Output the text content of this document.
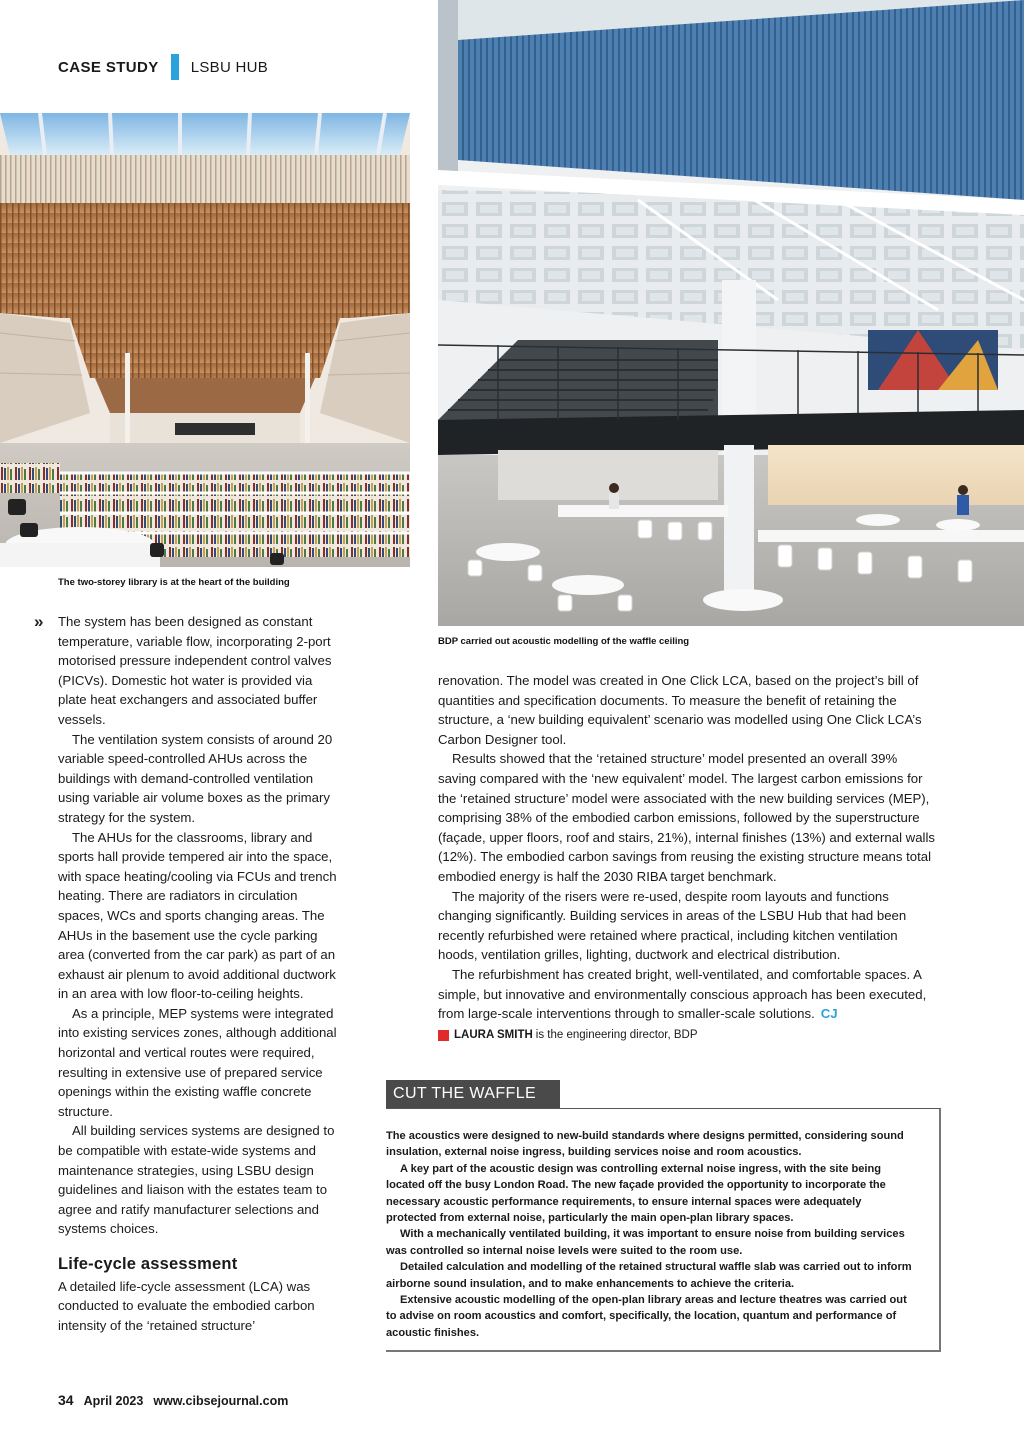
CASE STUDY LSBU HUB
The two-storey library is at the heart of the building
BDP carried out acoustic modelling of the waffle ceiling
» The system has been designed as constant temperature, variable flow, incorporating 2-port motorised pressure independent control valves (PICVs). Domestic hot water is provided via plate heat exchangers and associated buffer vessels.

The ventilation system consists of around 20 variable speed-controlled AHUs across the buildings with demand-controlled ventilation using variable air volume boxes as the primary strategy for the system.

The AHUs for the classrooms, library and sports hall provide tempered air into the space, with space heating/cooling via FCUs and trench heating. There are radiators in circulation spaces, WCs and sports changing areas. The AHUs in the basement use the cycle parking area (converted from the car park) as part of an exhaust air plenum to avoid additional ductwork in an area with low floor-to-ceiling heights.

As a principle, MEP systems were integrated into existing services zones, although additional horizontal and vertical routes were required, resulting in extensive use of prepared service openings within the existing waffle concrete structure.

All building services systems are designed to be compatible with estate-wide systems and maintenance strategies, using LSBU design guidelines and liaison with the estates team to agree and ratify manufacturer selections and systems choices.

Life-cycle assessment

A detailed life-cycle assessment (LCA) was conducted to evaluate the embodied carbon intensity of the ‘retained structure’

renovation. The model was created in One Click LCA, based on the project’s bill of quantities and specification documents. To measure the benefit of retaining the structure, a ‘new building equivalent’ scenario was modelled using One Click LCA’s Carbon Designer tool.

Results showed that the ‘retained structure’ model presented an overall 39% saving compared with the ‘new equivalent’ model. The largest carbon emissions for the ‘retained structure’ model were associated with the new building services (MEP), comprising 38% of the embodied carbon emissions, followed by the superstructure (façade, upper floors, roof and stairs, 21%), internal finishes (13%) and external walls (12%). The embodied carbon savings from reusing the existing structure means total embodied energy is half the 2030 RIBA target benchmark.

The majority of the risers were re-used, despite room layouts and functions changing significantly. Building services in areas of the LSBU Hub that had been recently refurbished were retained where practical, including kitchen ventilation hoods, ventilation grilles, lighting, ductwork and electrical distribution.

The refurbishment has created bright, well-ventilated, and comfortable spaces. A simple, but innovative and environmentally conscious approach has been executed, from large-scale interventions through to smaller-scale solutions. CJ

LAURA SMITH is the engineering director, BDP
CUT THE WAFFLE

The acoustics were designed to new-build standards where designs permitted, considering sound insulation, external noise ingress, building services noise and room acoustics.

A key part of the acoustic design was controlling external noise ingress, with the site being located off the busy London Road. The new façade provided the opportunity to incorporate the necessary acoustic performance requirements, to ensure internal spaces were adequately protected from external noise, particularly the main open-plan library spaces.

With a mechanically ventilated building, it was important to ensure noise from building services was controlled so internal noise levels were suited to the room use.

Detailed calculation and modelling of the retained structural waffle slab was carried out to inform airborne sound insulation, and to make enhancements to achieve the criteria.

Extensive acoustic modelling of the open-plan library areas and lecture theatres was carried out to advise on room acoustics and comfort, specifically, the location, quantum and performance of acoustic finishes.

34 April 2023 www.cibsejournal.com
